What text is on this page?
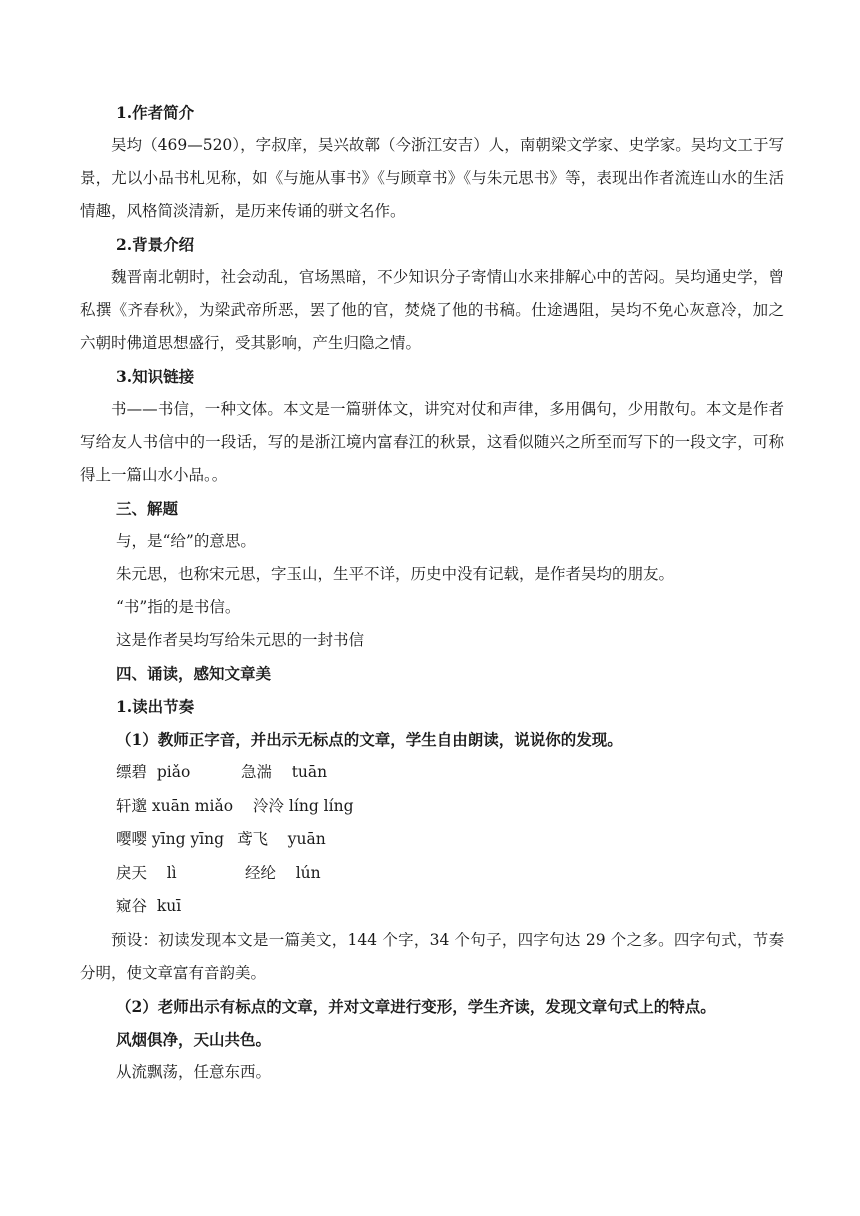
1.作者简介

吴均（469—520），字叔庠，吴兴故鄣（今浙江安吉）人，南朝梁文学家、史学家。吴均文工于写景，尤以小品书札见称，如《与施从事书》《与顾章书》《与朱元思书》等，表现出作者流连山水的生活情趣，风格简淡清新，是历来传诵的骈文名作。

2.背景介绍

魏晋南北朝时，社会动乱，官场黑暗，不少知识分子寄情山水来排解心中的苦闷。吴均通史学，曾私撰《齐春秋》，为梁武帝所恶，罢了他的官，焚烧了他的书稿。仕途遇阻，吴均不免心灰意冷，加之六朝时佛道思想盛行，受其影响，产生归隐之情。

3.知识链接

书——书信，一种文体。本文是一篇骈体文，讲究对仗和声律，多用偶句，少用散句。本文是作者写给友人书信中的一段话，写的是浙江境内富春江的秋景，这看似随兴之所至而写下的一段文字，可称得上一篇山水小品。。

三、解题

与，是“给”的意思。

朱元思，也称宋元思，字玉山，生平不详，历史中没有记载，是作者吴均的朋友。

“书”指的是书信。

这是作者吴均写给朱元思的一封书信

四、诵读，感知文章美

1.读出节奏

（1）教师正字音，并出示无标点的文章，学生自由朗读，说说你的发现。

缥碧  piǎo	急湍    tuān
轩邈 xuān miǎo 泠泠 líng líng
嘤嘤 yīng yīng 鸢飞    yuān
戾天    lì	经纶    lún
窥谷  kuī

预设：初读发现本文是一篇美文，144 个字，34 个句子，四字句达 29 个之多。四字句式，节奏分明，使文章富有音韵美。

（2）老师出示有标点的文章，并对文章进行变形，学生齐读，发现文章句式上的特点。

风烟俱净，天山共色。

从流飘荡，任意东西。
